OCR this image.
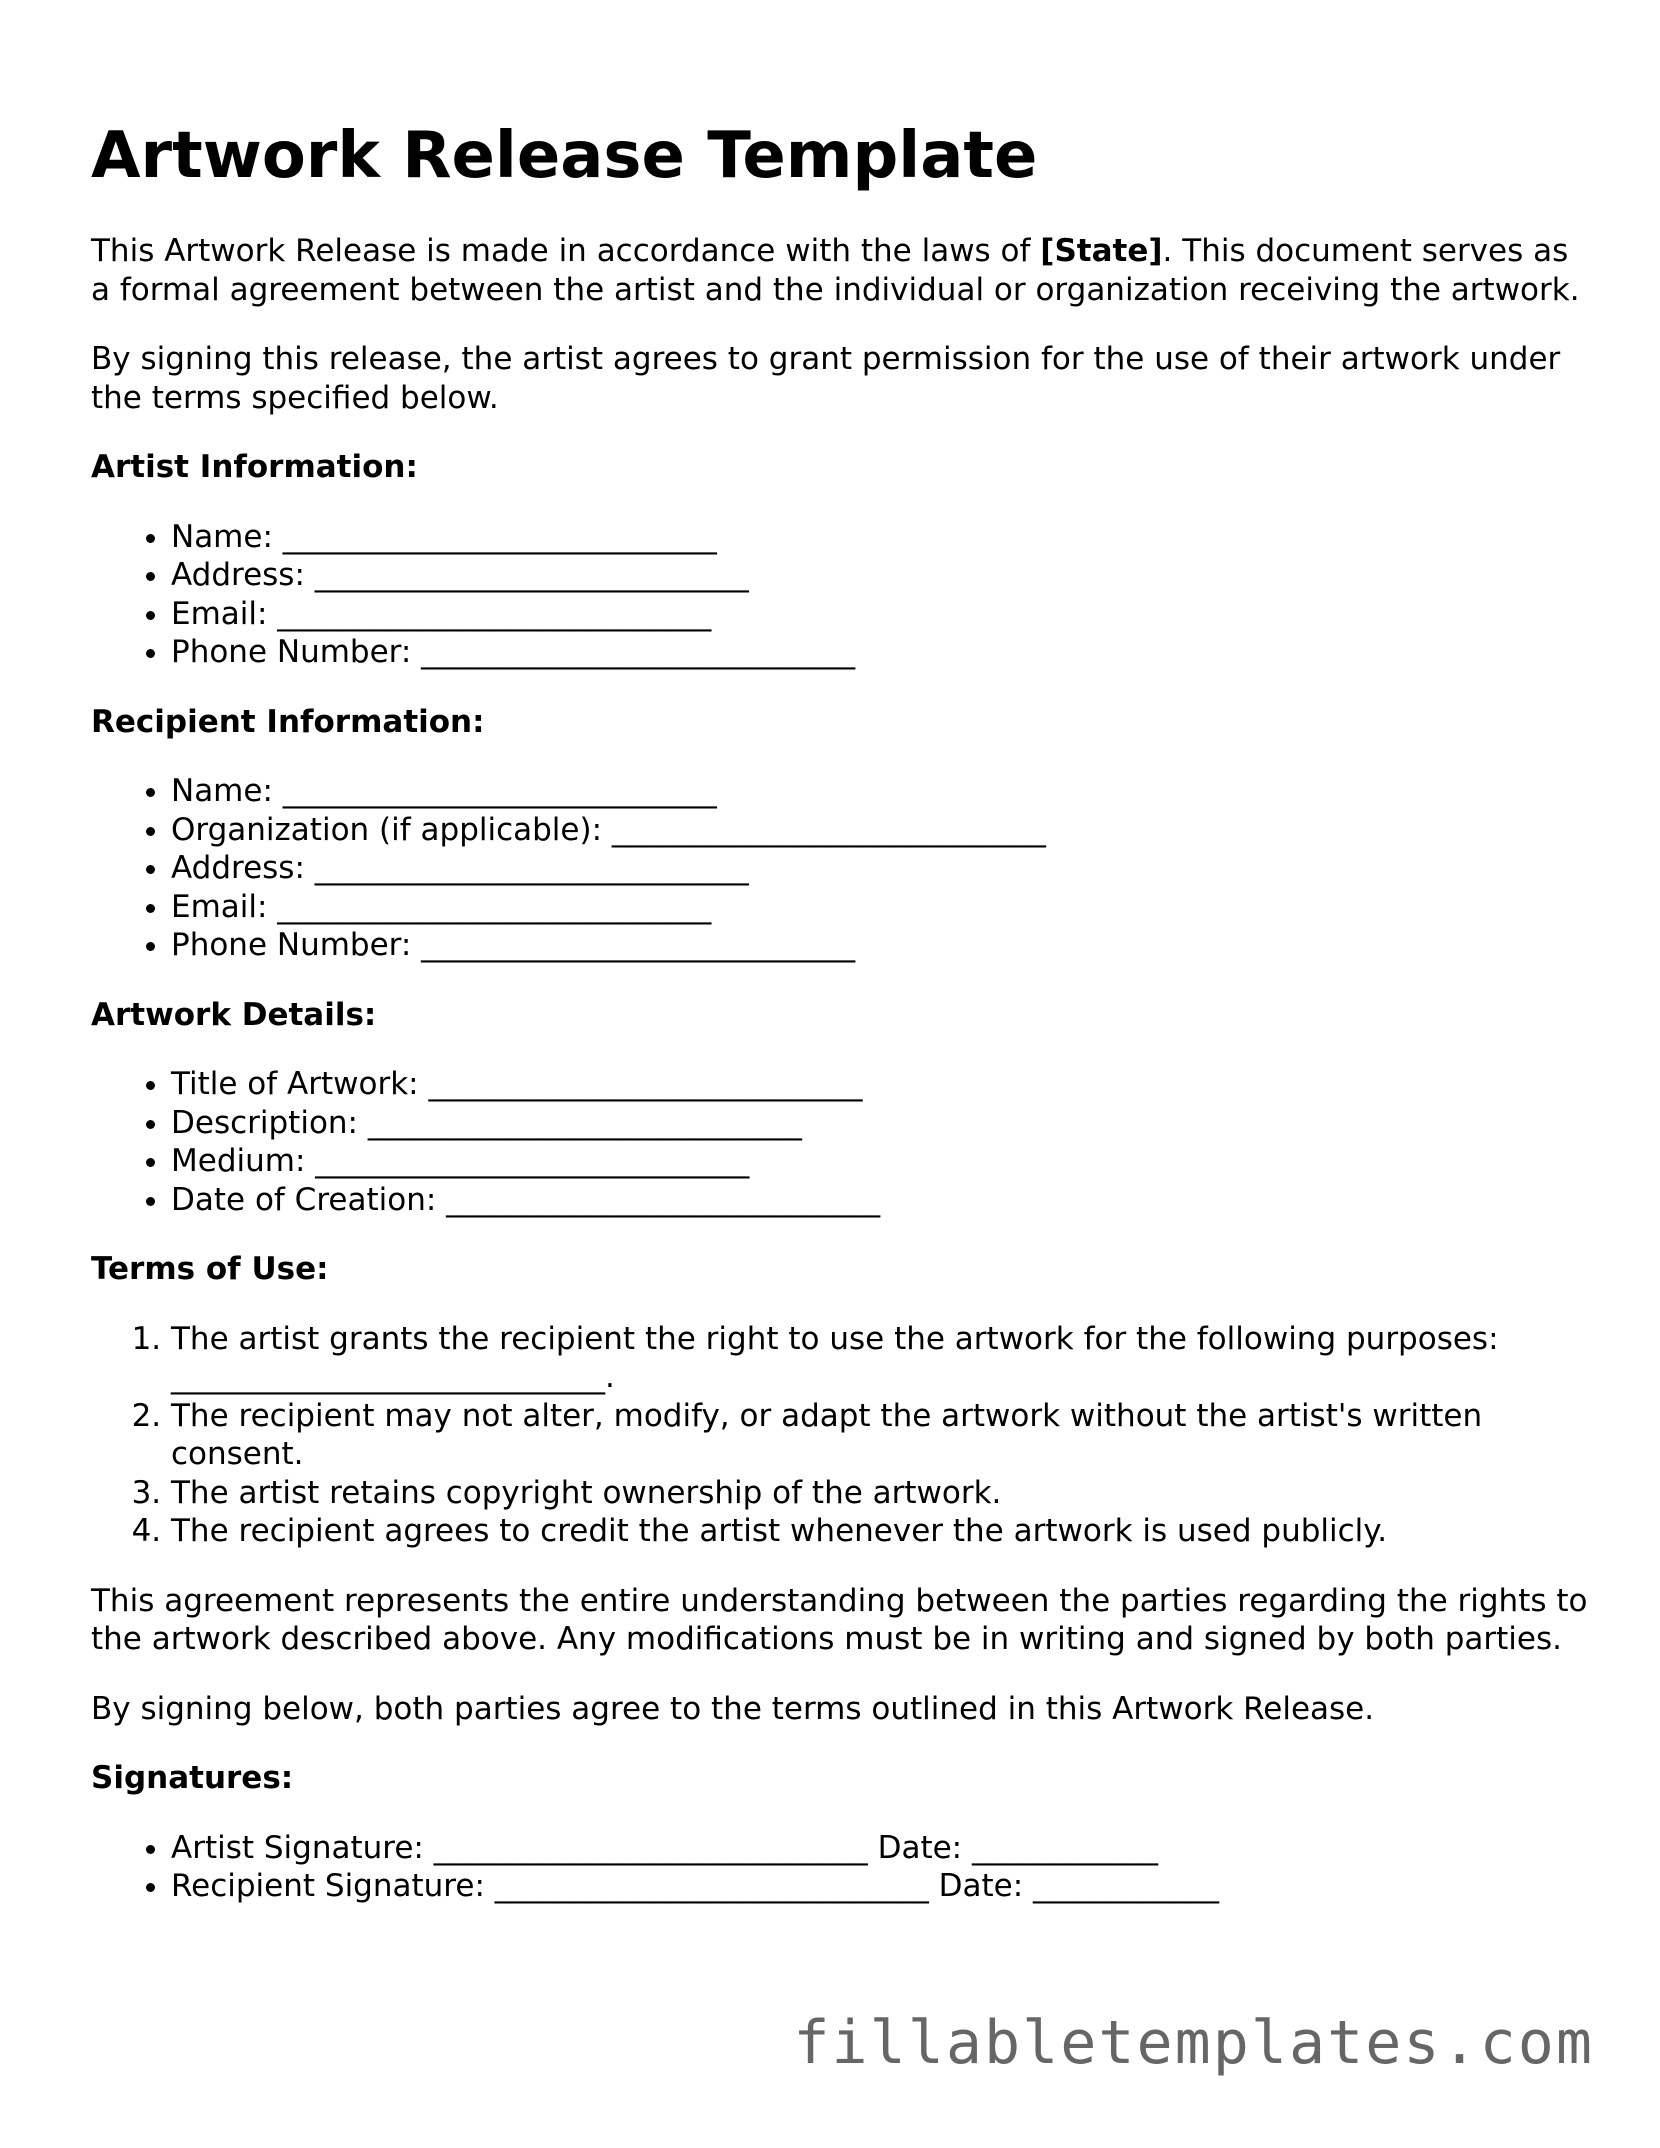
Artwork Release Template

This Artwork Release is made in accordance with the laws of [State]. This document serves as a formal agreement between the artist and the individual or organization receiving the artwork.

By signing this release, the artist agrees to grant permission for the use of their artwork under the terms specified below.

Artist Information:
• Name: ____________________________
• Address: ____________________________
• Email: ____________________________
• Phone Number: ____________________________
Recipient Information:
• Name: ____________________________
• Organization (if applicable): ____________________________
• Address: ____________________________
• Email: ____________________________
• Phone Number: ____________________________
Artwork Details:
• Title of Artwork: ____________________________
• Description: ____________________________
• Medium: ____________________________
• Date of Creation: ____________________________
Terms of Use:
1. The artist grants the recipient the right to use the artwork for the following purposes: ____________________________.
2. The recipient may not alter, modify, or adapt the artwork without the artist's written consent.
3. The artist retains copyright ownership of the artwork.
4. The recipient agrees to credit the artist whenever the artwork is used publicly.

This agreement represents the entire understanding between the parties regarding the rights to the artwork described above. Any modifications must be in writing and signed by both parties.

By signing below, both parties agree to the terms outlined in this Artwork Release.

Signatures:
• Artist Signature: ____________________________ Date: ____________
• Recipient Signature: ____________________________ Date: ____________
fillabletemplates.com
